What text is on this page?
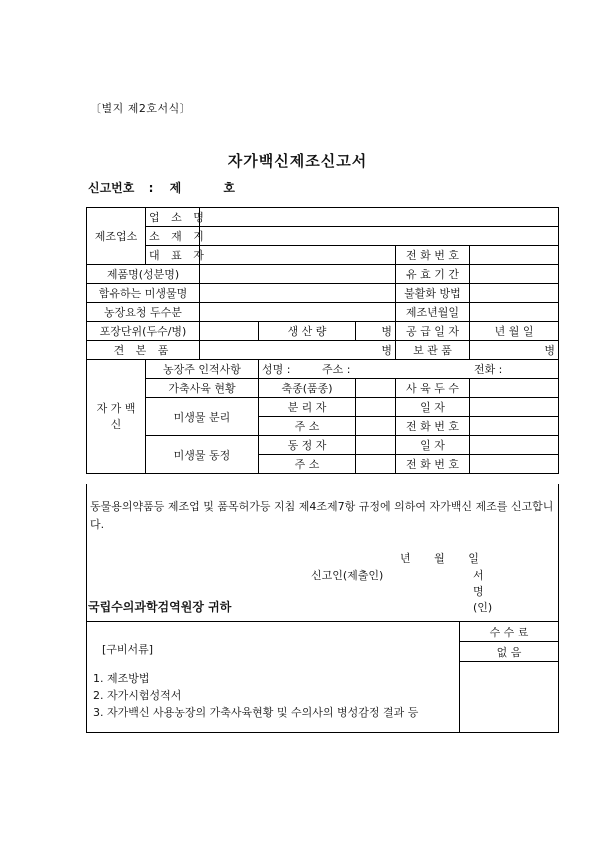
〔별지 제2호서식〕
자가백신제조신고서
신고번호 : 제	호
제조업소	업 소 명					
	소 재 지					
	대 표 자				전 화 번 호	
제품명(성분명)					유 효 기 간	
함유하는 미생물명					불활화 방법	
농장요청 두수분					제조년월일	
포장단위(두수/병)			생 산 량	병	공 급 일 자	년 월 일
견 본 품		병			보 관 품	병
자 가 백 신	농장주 인적사항		성명 : 주소 : 전화 :			
	가축사육 현황		축종(품종)		사 육 두 수	
	미생물 분리		분 리 자		일 자	
			주 소		전 화 번 호	
	미생물 동정		동 정 자		일 자	
			주 소		전 화 번 호	
동물용의약품등 제조업 및 품목허가등 지침 제4조제7항 규정에 의하여 자가백신 제조를 신고합니다.
년 월 일
신고인(제출인)	서명(인)
국립수의과학검역원장 귀하
	수 수 료
없 음

[구비서류]
1. 제조방법
2. 자가시험성적서
3. 자가백신 사용농장의 가축사육현황 및 수의사의 병성감정 결과 등
